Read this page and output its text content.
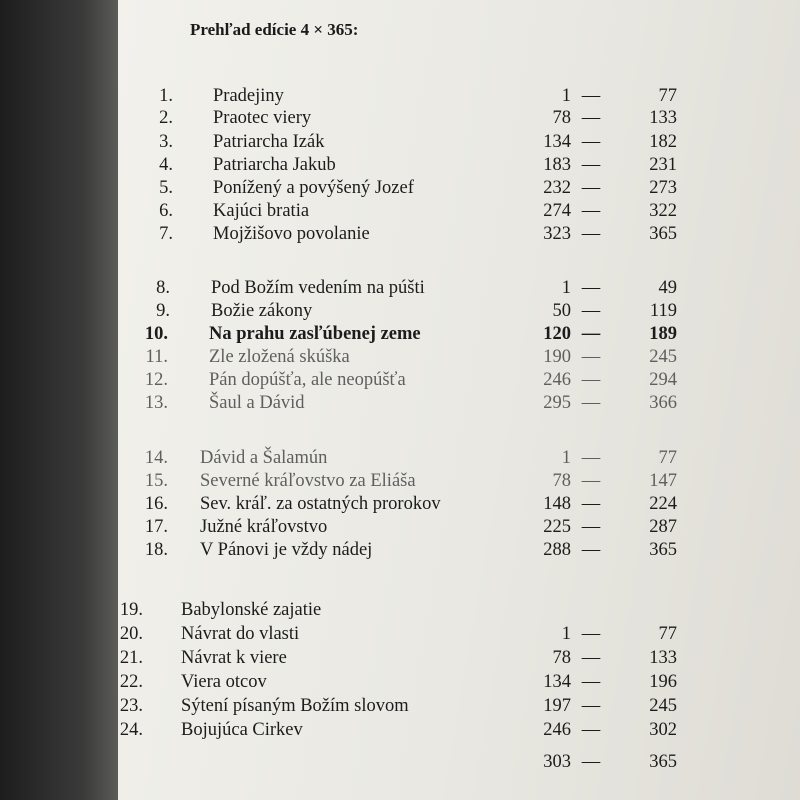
Prehľad edície 4 × 365:
1. Pradejiny	1 —	77
2. Praotec viery	78 —	133
3. Patriarcha Izák	134 —	182
4. Patriarcha Jakub	183 —	231
5. Ponížený a povýšený Jozef	232 —	273
6. Kajúci bratia	274 —	322
7. Mojžišovo povolanie	323 —	365
8. Pod Božím vedením na púšti	1 —	49
9. Božie zákony	50 —	119
10. Na prahu zasľúbenej zeme	120 —	189
11. Zle zložená skúška	190 —	245
12. Pán dopúšťa, ale neopúšťa	246 —	294
13. Šaul a Dávid	295 —	366
14. Dávid a Šalamún	1 —	77
15. Severné kráľovstvo za Eliáša	78 —	147
16. Sev. kráľ. za ostatných prorokov	148 —	224
17. Južné kráľovstvo	225 —	287
18. V Pánovi je vždy nádej	288 —	365
19. Babylonské zajatie
20. Návrat do vlasti	1 —	77
21. Návrat k viere	78 —	133
22. Viera otcov	134 —	196
23. Sýtení písaným Božím slovom	197 —	245
24. Bojujúca Cirkev	246 —	302
303 —	365
